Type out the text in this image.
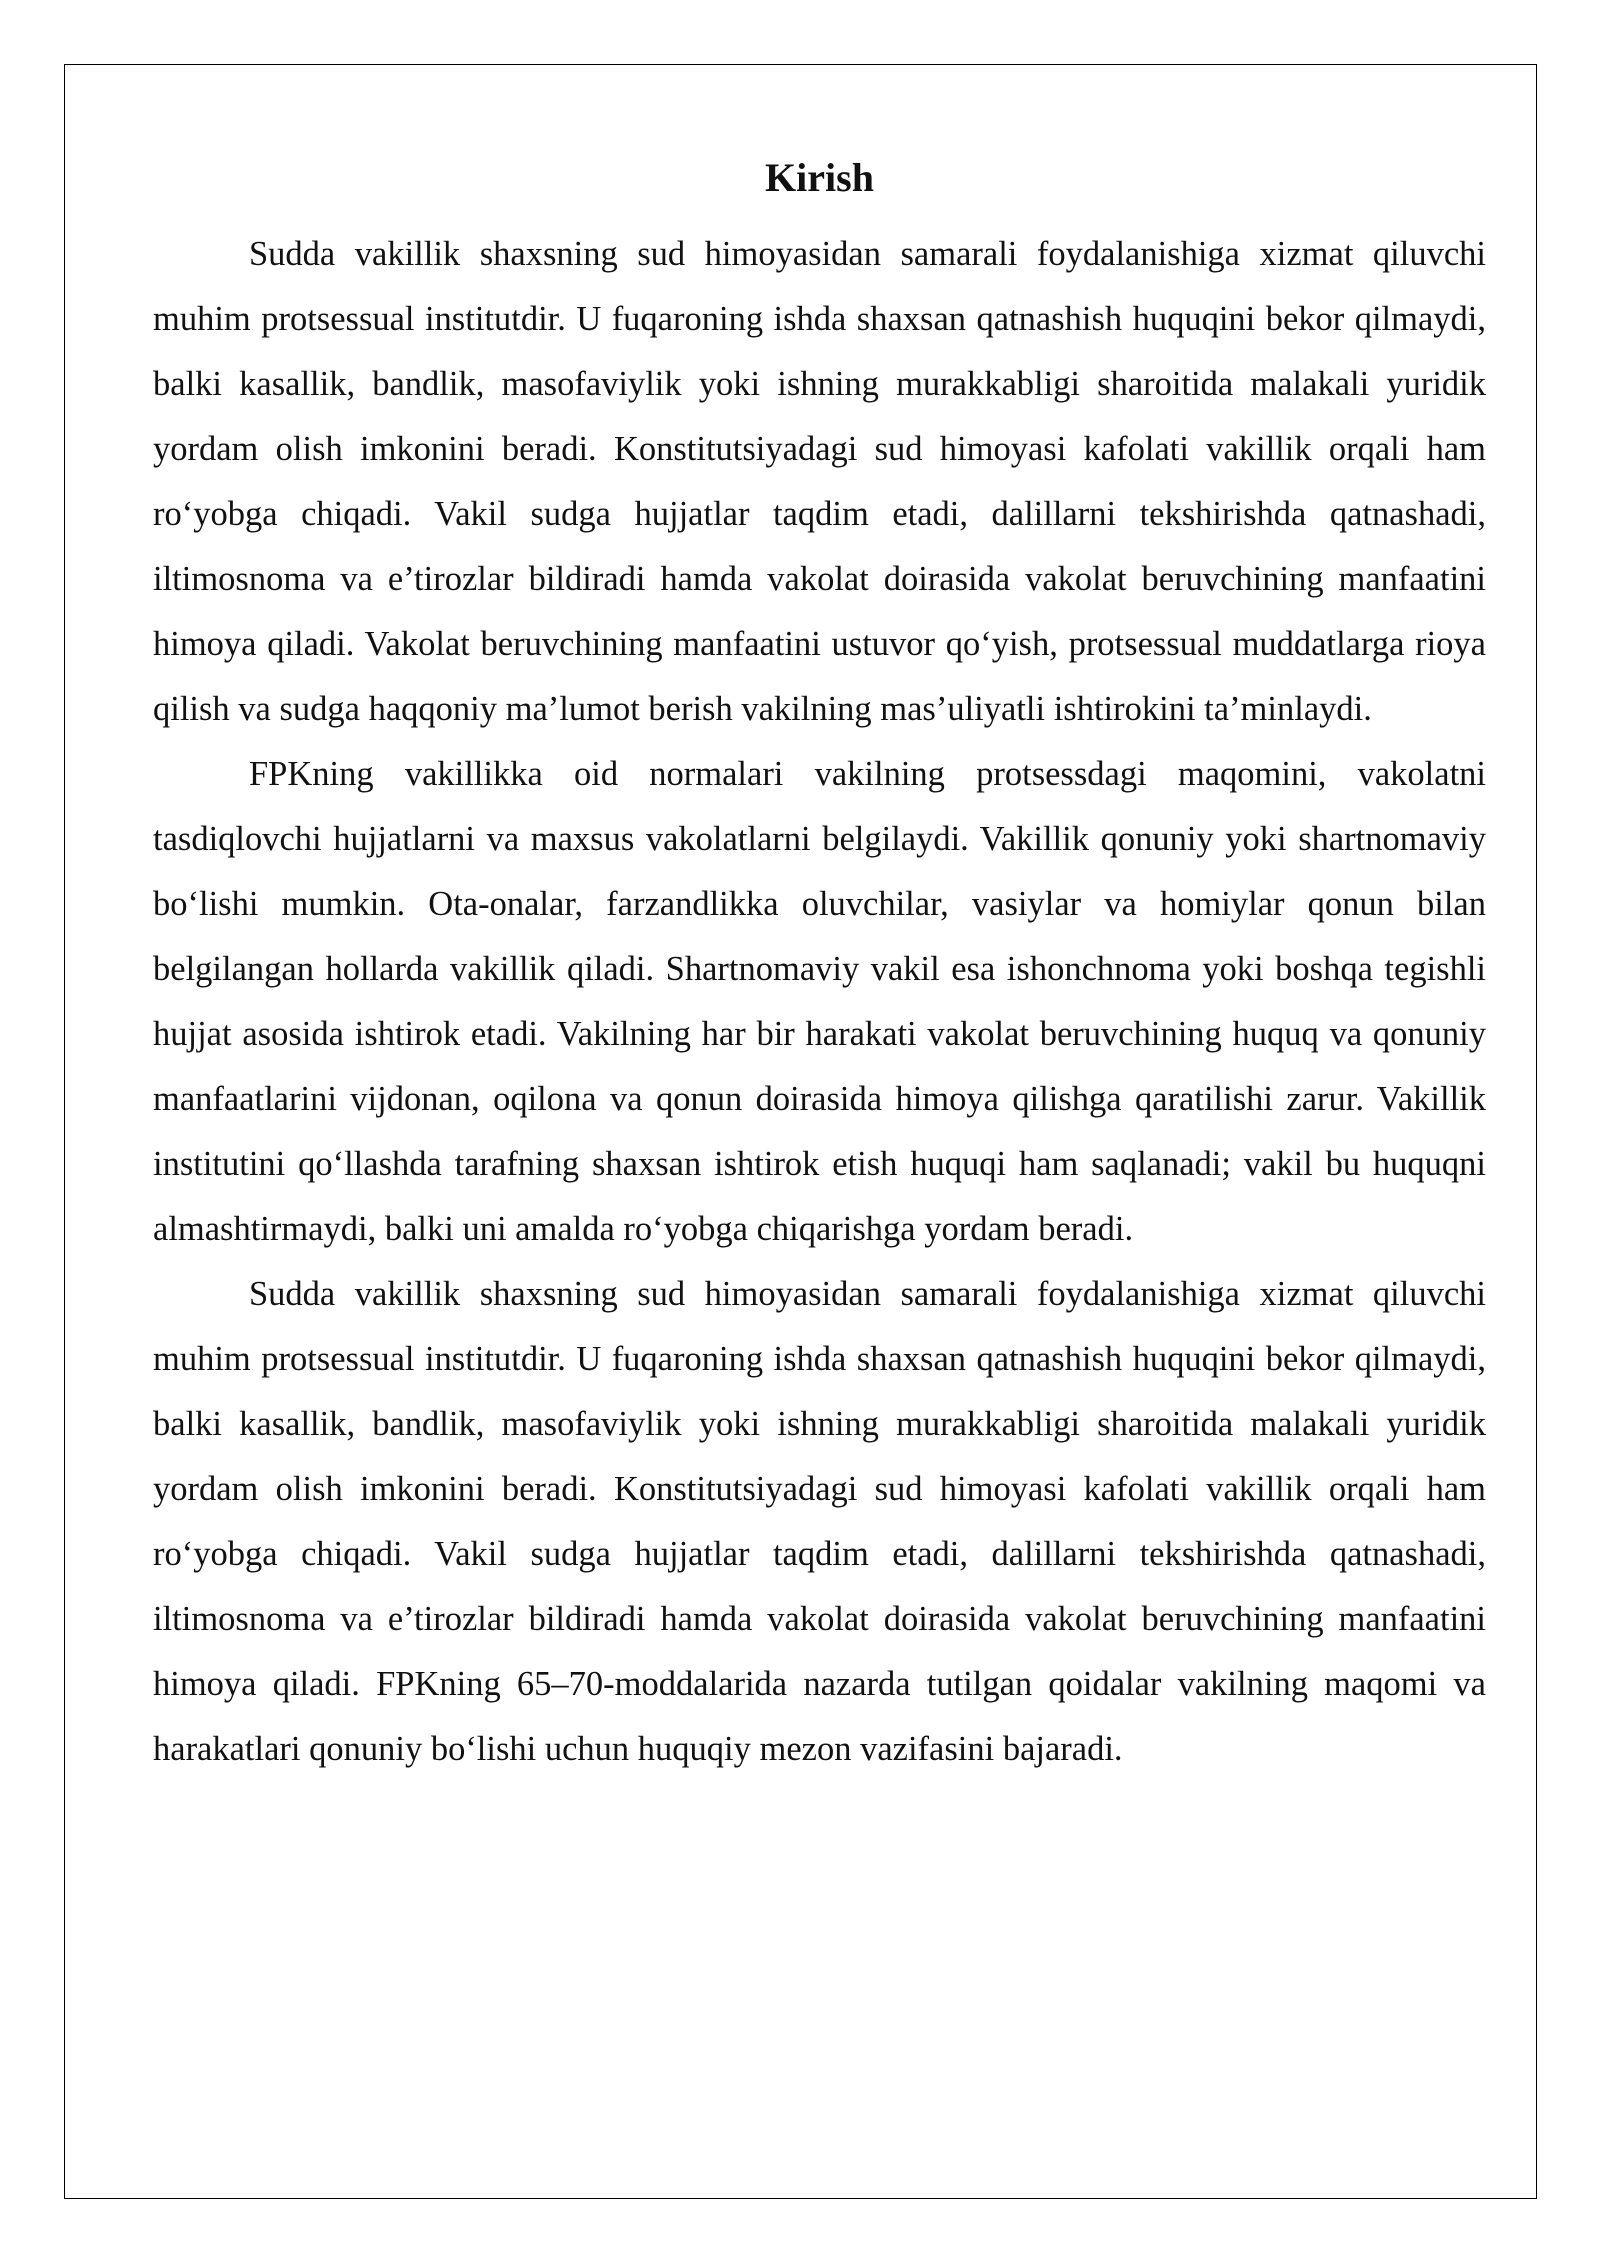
Kirish

Sudda vakillik shaxsning sud himoyasidan samarali foydalanishiga xizmat qiluvchi muhim protsessual institutdir. U fuqaroning ishda shaxsan qatnashish huquqini bekor qilmaydi, balki kasallik, bandlik, masofaviylik yoki ishning murakkabligi sharoitida malakali yuridik yordam olish imkonini beradi. Konstitutsiyadagi sud himoyasi kafolati vakillik orqali ham ro‘yobga chiqadi. Vakil sudga hujjatlar taqdim etadi, dalillarni tekshirishda qatnashadi, iltimosnoma va e’tirozlar bildiradi hamda vakolat doirasida vakolat beruvchining manfaatini himoya qiladi. Vakolat beruvchining manfaatini ustuvor qo‘yish, protsessual muddatlarga rioya qilish va sudga haqqoniy ma’lumot berish vakilning mas’uliyatli ishtirokini ta’minlaydi.

FPKning vakillikka oid normalari vakilning protsessdagi maqomini, vakolatni tasdiqlovchi hujjatlarni va maxsus vakolatlarni belgilaydi. Vakillik qonuniy yoki shartnomaviy bo‘lishi mumkin. Ota-onalar, farzandlikka oluvchilar, vasiylar va homiylar qonun bilan belgilangan hollarda vakillik qiladi. Shartnomaviy vakil esa ishonchnoma yoki boshqa tegishli hujjat asosida ishtirok etadi. Vakilning har bir harakati vakolat beruvchining huquq va qonuniy manfaatlarini vijdonan, oqilona va qonun doirasida himoya qilishga qaratilishi zarur. Vakillik institutini qo‘llashda tarafning shaxsan ishtirok etish huquqi ham saqlanadi; vakil bu huquqni almashtirmaydi, balki uni amalda ro‘yobga chiqarishga yordam beradi.

Sudda vakillik shaxsning sud himoyasidan samarali foydalanishiga xizmat qiluvchi muhim protsessual institutdir. U fuqaroning ishda shaxsan qatnashish huquqini bekor qilmaydi, balki kasallik, bandlik, masofaviylik yoki ishning murakkabligi sharoitida malakali yuridik yordam olish imkonini beradi. Konstitutsiyadagi sud himoyasi kafolati vakillik orqali ham ro‘yobga chiqadi. Vakil sudga hujjatlar taqdim etadi, dalillarni tekshirishda qatnashadi, iltimosnoma va e’tirozlar bildiradi hamda vakolat doirasida vakolat beruvchining manfaatini himoya qiladi. FPKning 65–70-moddalarida nazarda tutilgan qoidalar vakilning maqomi va harakatlari qonuniy bo‘lishi uchun huquqiy mezon vazifasini bajaradi.
